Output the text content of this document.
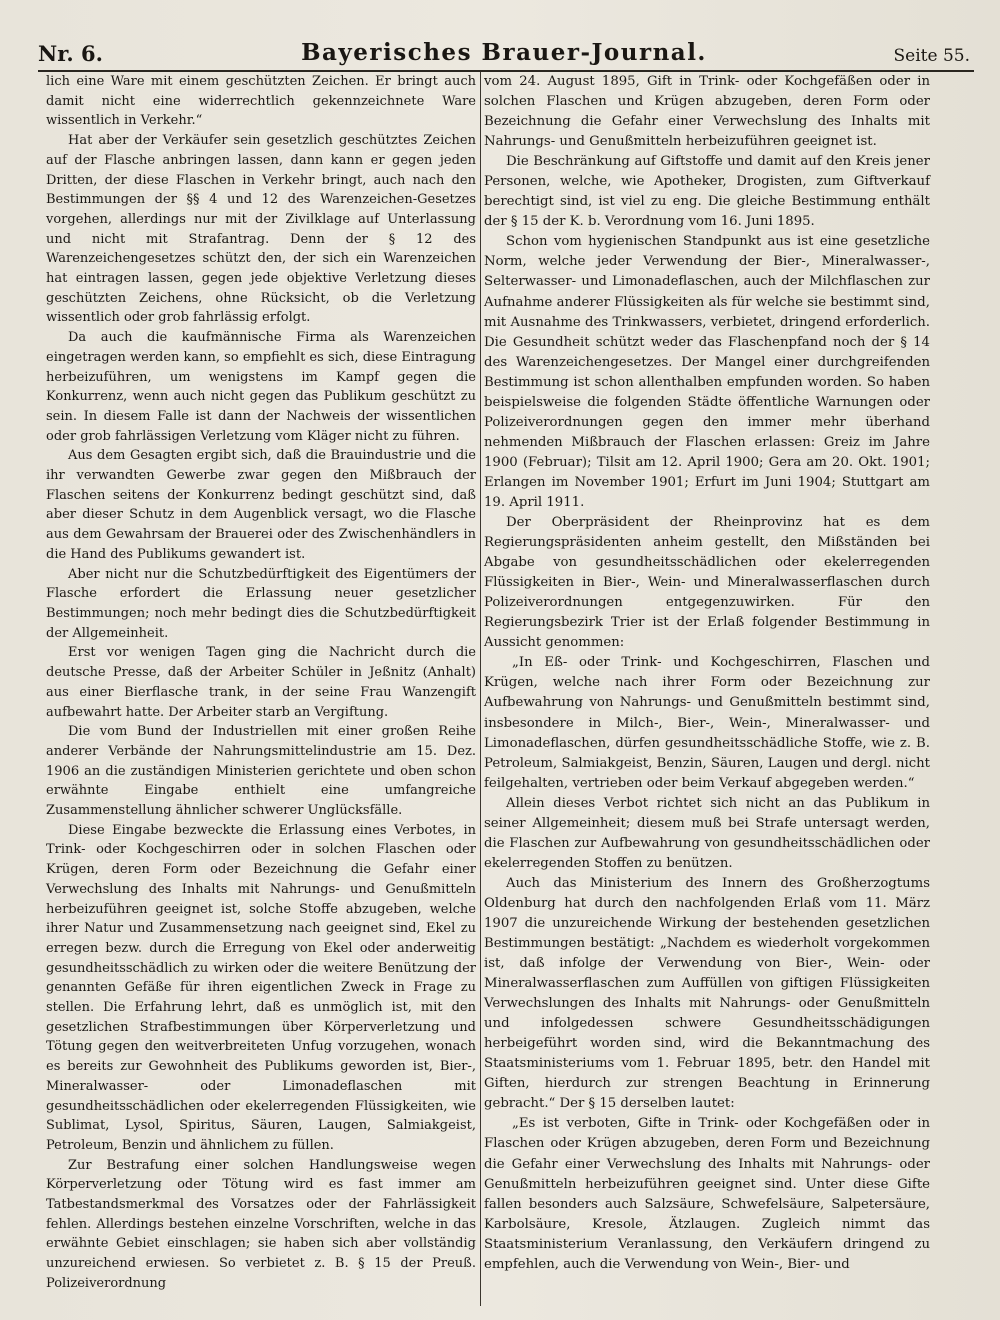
Nr. 6.	Bayerisches Brauer-Journal.	Seite 55.

lich eine Ware mit einem geschützten Zeichen. Er bringt auch damit nicht eine widerrechtlich gekennzeichnete Ware wissentlich in Verkehr.“

Hat aber der Verkäufer sein gesetzlich geschütztes Zeichen auf der Flasche anbringen lassen, dann kann er gegen jeden Dritten, der diese Flaschen in Verkehr bringt, auch nach den Bestimmungen der §§ 4 und 12 des Warenzeichen-Gesetzes vorgehen, allerdings nur mit der Zivilklage auf Unterlassung und nicht mit Strafantrag. Denn der § 12 des Warenzeichengesetzes schützt den, der sich ein Warenzeichen hat eintragen lassen, gegen jede objektive Verletzung dieses geschützten Zeichens, ohne Rücksicht, ob die Verletzung wissentlich oder grob fahrlässig erfolgt.

Da auch die kaufmännische Firma als Warenzeichen eingetragen werden kann, so empfiehlt es sich, diese Eintragung herbeizuführen, um wenigstens im Kampf gegen die Konkurrenz, wenn auch nicht gegen das Publikum geschützt zu sein. In diesem Falle ist dann der Nachweis der wissentlichen oder grob fahrlässigen Verletzung vom Kläger nicht zu führen.

Aus dem Gesagten ergibt sich, daß die Brauindustrie und die ihr verwandten Gewerbe zwar gegen den Mißbrauch der Flaschen seitens der Konkurrenz bedingt geschützt sind, daß aber dieser Schutz in dem Augenblick versagt, wo die Flasche aus dem Gewahrsam der Brauerei oder des Zwischenhändlers in die Hand des Publikums gewandert ist.

Aber nicht nur die Schutzbedürftigkeit des Eigentümers der Flasche erfordert die Erlassung neuer gesetzlicher Bestimmungen; noch mehr bedingt dies die Schutzbedürftigkeit der Allgemeinheit.

Erst vor wenigen Tagen ging die Nachricht durch die deutsche Presse, daß der Arbeiter Schüler in Jeßnitz (Anhalt) aus einer Bierflasche trank, in der seine Frau Wanzengift aufbewahrt hatte. Der Arbeiter starb an Vergiftung.

Die vom Bund der Industriellen mit einer großen Reihe anderer Verbände der Nahrungsmittelindustrie am 15. Dez. 1906 an die zuständigen Ministerien gerichtete und oben schon erwähnte Eingabe enthielt eine umfangreiche Zusammenstellung ähnlicher schwerer Unglücksfälle.

Diese Eingabe bezweckte die Erlassung eines Verbotes, in Trink- oder Kochgeschirren oder in solchen Flaschen oder Krügen, deren Form oder Bezeichnung die Gefahr einer Verwechslung des Inhalts mit Nahrungs- und Genußmitteln herbeizuführen geeignet ist, solche Stoffe abzugeben, welche ihrer Natur und Zusammensetzung nach geeignet sind, Ekel zu erregen bezw. durch die Erregung von Ekel oder anderweitig gesundheitsschädlich zu wirken oder die weitere Benützung der genannten Gefäße für ihren eigentlichen Zweck in Frage zu stellen. Die Erfahrung lehrt, daß es unmöglich ist, mit den gesetzlichen Strafbestimmungen über Körperverletzung und Tötung gegen den weitverbreiteten Unfug vorzugehen, wonach es bereits zur Gewohnheit des Publikums geworden ist, Bier-, Mineralwasser- oder Limonadeflaschen mit gesundheitsschädlichen oder ekelerregenden Flüssigkeiten, wie Sublimat, Lysol, Spiritus, Säuren, Laugen, Salmiakgeist, Petroleum, Benzin und ähnlichem zu füllen.

Zur Bestrafung einer solchen Handlungsweise wegen Körperverletzung oder Tötung wird es fast immer am Tatbestandsmerkmal des Vorsatzes oder der Fahrlässigkeit fehlen. Allerdings bestehen einzelne Vorschriften, welche in das erwähnte Gebiet einschlagen; sie haben sich aber vollständig unzureichend erwiesen. So verbietet z. B. § 15 der Preuß. Polizeiverordnung

vom 24. August 1895, Gift in Trink- oder Kochgefäßen oder in solchen Flaschen und Krügen abzugeben, deren Form oder Bezeichnung die Gefahr einer Verwechslung des Inhalts mit Nahrungs- und Genußmitteln herbeizuführen geeignet ist.

Die Beschränkung auf Giftstoffe und damit auf den Kreis jener Personen, welche, wie Apotheker, Drogisten, zum Giftverkauf berechtigt sind, ist viel zu eng. Die gleiche Bestimmung enthält der § 15 der K. b. Verordnung vom 16. Juni 1895.

Schon vom hygienischen Standpunkt aus ist eine gesetzliche Norm, welche jeder Verwendung der Bier-, Mineralwasser-, Selterwasser- und Limonadeflaschen, auch der Milchflaschen zur Aufnahme anderer Flüssigkeiten als für welche sie bestimmt sind, mit Ausnahme des Trinkwassers, verbietet, dringend erforderlich. Die Gesundheit schützt weder das Flaschenpfand noch der § 14 des Warenzeichengesetzes. Der Mangel einer durchgreifenden Bestimmung ist schon allenthalben empfunden worden. So haben beispielsweise die folgenden Städte öffentliche Warnungen oder Polizeiverordnungen gegen den immer mehr überhand nehmenden Mißbrauch der Flaschen erlassen: Greiz im Jahre 1900 (Februar); Tilsit am 12. April 1900; Gera am 20. Okt. 1901; Erlangen im November 1901; Erfurt im Juni 1904; Stuttgart am 19. April 1911.

Der Oberpräsident der Rheinprovinz hat es dem Regierungspräsidenten anheim gestellt, den Mißständen bei Abgabe von gesundheitsschädlichen oder ekelerregenden Flüssigkeiten in Bier-, Wein- und Mineralwasserflaschen durch Polizeiverordnungen entgegenzuwirken. Für den Regierungsbezirk Trier ist der Erlaß folgender Bestimmung in Aussicht genommen:

„In Eß- oder Trink- und Kochgeschirren, Flaschen und Krügen, welche nach ihrer Form oder Bezeichnung zur Aufbewahrung von Nahrungs- und Genußmitteln bestimmt sind, insbesondere in Milch-, Bier-, Wein-, Mineralwasser- und Limonadeflaschen, dürfen gesundheitsschädliche Stoffe, wie z. B. Petroleum, Salmiakgeist, Benzin, Säuren, Laugen und dergl. nicht feilgehalten, vertrieben oder beim Verkauf abgegeben werden.“

Allein dieses Verbot richtet sich nicht an das Publikum in seiner Allgemeinheit; diesem muß bei Strafe untersagt werden, die Flaschen zur Aufbewahrung von gesundheitsschädlichen oder ekelerregenden Stoffen zu benützen.

Auch das Ministerium des Innern des Großherzogtums Oldenburg hat durch den nachfolgenden Erlaß vom 11. März 1907 die unzureichende Wirkung der bestehenden gesetzlichen Bestimmungen bestätigt: „Nachdem es wiederholt vorgekommen ist, daß infolge der Verwendung von Bier-, Wein- oder Mineralwasserflaschen zum Auffüllen von giftigen Flüssigkeiten Verwechslungen des Inhalts mit Nahrungs- oder Genußmitteln und infolgedessen schwere Gesundheitsschädigungen herbeigeführt worden sind, wird die Bekanntmachung des Staatsministeriums vom 1. Februar 1895, betr. den Handel mit Giften, hierdurch zur strengen Beachtung in Erinnerung gebracht.“ Der § 15 derselben lautet:

„Es ist verboten, Gifte in Trink- oder Kochgefäßen oder in Flaschen oder Krügen abzugeben, deren Form und Bezeichnung die Gefahr einer Verwechslung des Inhalts mit Nahrungs- oder Genußmitteln herbeizuführen geeignet sind. Unter diese Gifte fallen besonders auch Salzsäure, Schwefelsäure, Salpetersäure, Karbolsäure, Kresole, Ätzlaugen. Zugleich nimmt das Staatsministerium Veranlassung, den Verkäufern dringend zu empfehlen, auch die Verwendung von Wein-, Bier- und
